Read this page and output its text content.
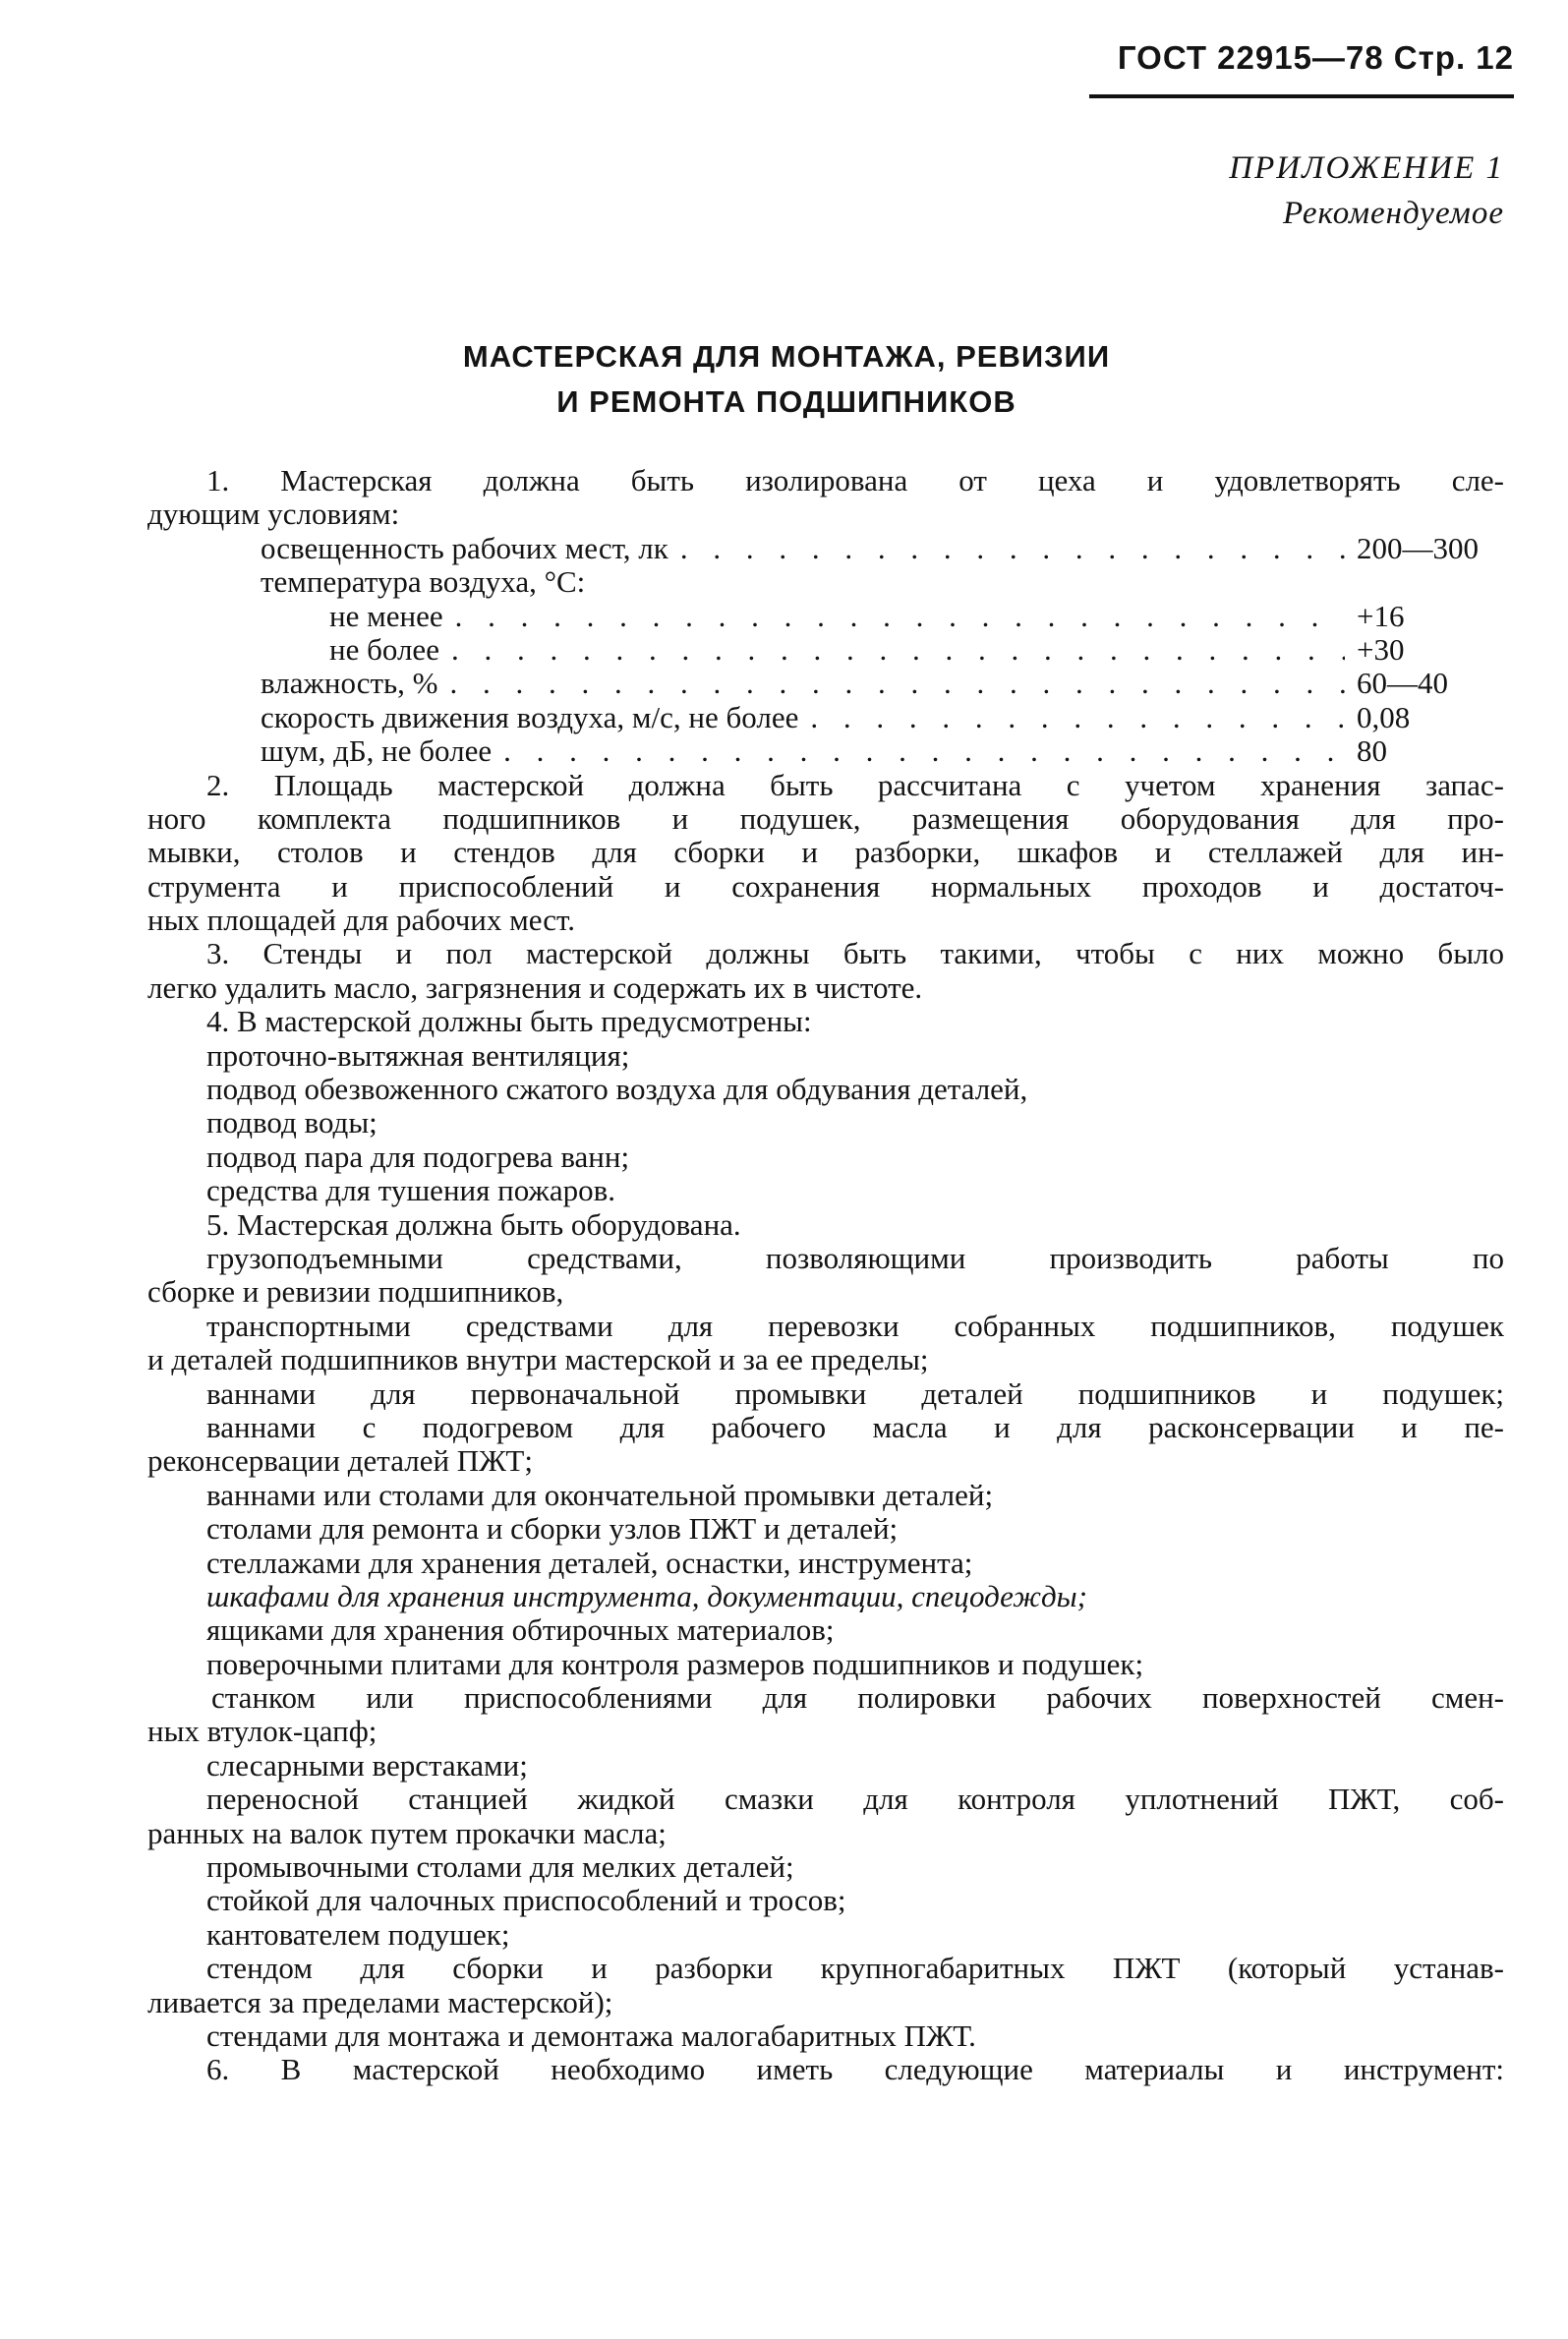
ГОСТ 22915—78 Стр. 12
ПРИЛОЖЕНИЕ 1
Рекомендуемое
МАСТЕРСКАЯ ДЛЯ МОНТАЖА, РЕВИЗИИ
И РЕМОНТА ПОДШИПНИКОВ
1. Мастерская должна быть изолирована от цеха и удовлетворять сле-
дующим условиям:
освещенность рабочих мест, лк . . .	200—300
температура воздуха, °С:
не менее . . .	+16
не более . . .	+30
влажность, % . . .	60—40
скорость движения воздуха, м/с, не более . . .	0,08
шум, дБ, не более . . .	80
2. Площадь мастерской должна быть рассчитана с учетом хранения запас-
ного комплекта подшипников и подушек, размещения оборудования для про-
мывки, столов и стендов для сборки и разборки, шкафов и стеллажей для ин-
струмента и приспособлений и сохранения нормальных проходов и достаточ-
ных площадей для рабочих мест.
3. Стенды и пол мастерской должны быть такими, чтобы с них можно было
легко удалить масло, загрязнения и содержать их в чистоте.
4. В мастерской должны быть предусмотрены:
проточно-вытяжная вентиляция;
подвод обезвоженного сжатого воздуха для обдувания деталей,
подвод воды;
подвод пара для подогрева ванн;
средства для тушения пожаров.
5. Мастерская должна быть оборудована.
грузоподъемными средствами, позволяющими производить работы по
сборке и ревизии подшипников,
транспортными средствами для перевозки собранных подшипников, подушек
и деталей подшипников внутри мастерской и за ее пределы;
ваннами для первоначальной промывки деталей подшипников и подушек;
ваннами с подогревом для рабочего масла и для расконсервации и пе-
реконсервации деталей ПЖТ;
ваннами или столами для окончательной промывки деталей;
столами для ремонта и сборки узлов ПЖТ и деталей;
стеллажами для хранения деталей, оснастки, инструмента;
шкафами для хранения инструмента, документации, спецодежды;
ящиками для хранения обтирочных материалов;
поверочными плитами для контроля размеров подшипников и подушек;
станком или приспособлениями для полировки рабочих поверхностей смен-
ных втулок-цапф;
слесарными верстаками;
переносной станцией жидкой смазки для контроля уплотнений ПЖТ, соб-
ранных на валок путем прокачки масла;
промывочными столами для мелких деталей;
стойкой для чалочных приспособлений и тросов;
кантователем подушек;
стендом для сборки и разборки крупногабаритных ПЖТ (который устанав-
ливается за пределами мастерской);
стендами для монтажа и демонтажа малогабаритных ПЖТ.
6. В мастерской необходимо иметь следующие материалы и инструмент:
